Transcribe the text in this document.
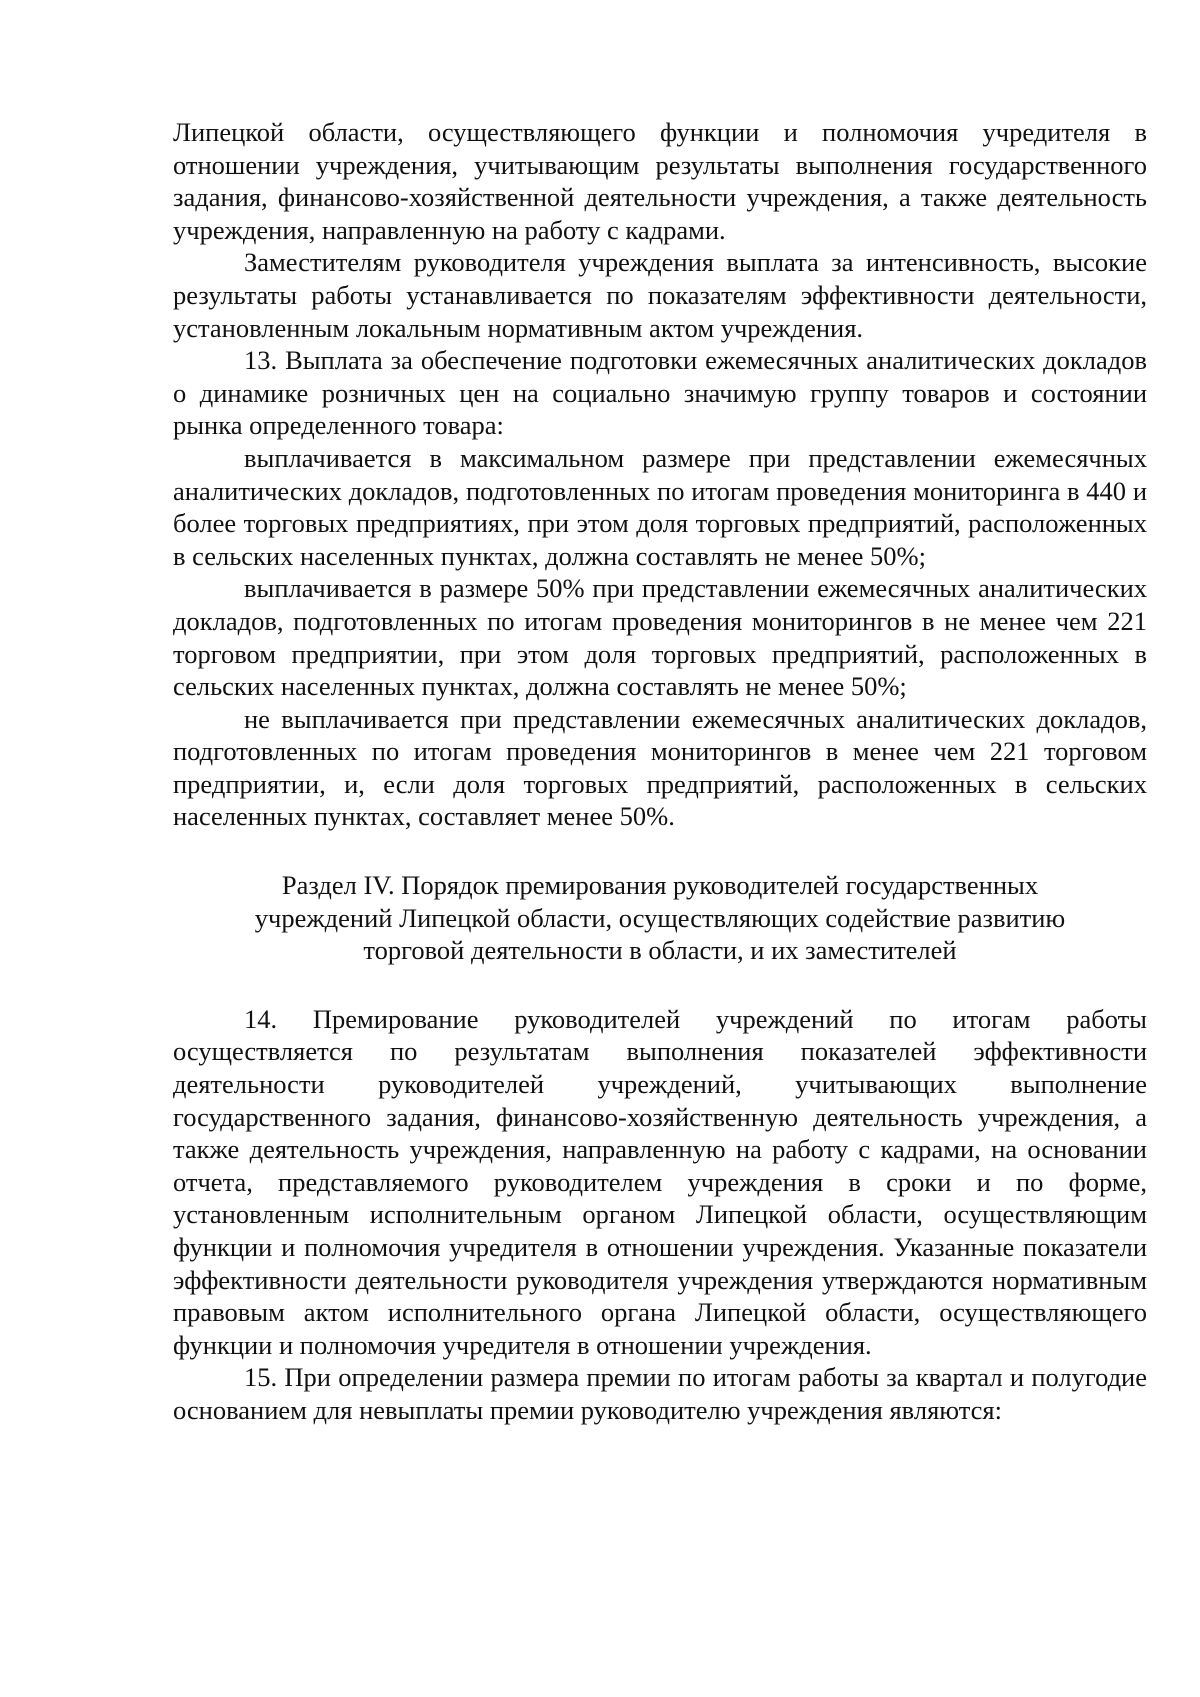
Липецкой области, осуществляющего функции и полномочия учредителя в отношении учреждения, учитывающим результаты выполнения государственного задания, финансово-хозяйственной деятельности учреждения, а также деятельность учреждения, направленную на работу с кадрами.

Заместителям руководителя учреждения выплата за интенсивность, высокие результаты работы устанавливается по показателям эффективности деятельности, установленным локальным нормативным актом учреждения.

13. Выплата за обеспечение подготовки ежемесячных аналитических докладов о динамике розничных цен на социально значимую группу товаров и состоянии рынка определенного товара:

выплачивается в максимальном размере при представлении ежемесячных аналитических докладов, подготовленных по итогам проведения мониторинга в 440 и более торговых предприятиях, при этом доля торговых предприятий, расположенных в сельских населенных пунктах, должна составлять не менее 50%;

выплачивается в размере 50% при представлении ежемесячных аналитических докладов, подготовленных по итогам проведения мониторингов в не менее чем 221 торговом предприятии, при этом доля торговых предприятий, расположенных в сельских населенных пунктах, должна составлять не менее 50%;

не выплачивается при представлении ежемесячных аналитических докладов, подготовленных по итогам проведения мониторингов в менее чем 221 торговом предприятии, и, если доля торговых предприятий, расположенных в сельских населенных пунктах, составляет менее 50%.

Раздел IV. Порядок премирования руководителей государственных
учреждений Липецкой области, осуществляющих содействие развитию
торговой деятельности в области, и их заместителей

14. Премирование руководителей учреждений по итогам работы осуществляется по результатам выполнения показателей эффективности деятельности руководителей учреждений, учитывающих выполнение государственного задания, финансово-хозяйственную деятельность учреждения, а также деятельность учреждения, направленную на работу с кадрами, на основании отчета, представляемого руководителем учреждения в сроки и по форме, установленным исполнительным органом Липецкой области, осуществляющим функции и полномочия учредителя в отношении учреждения. Указанные показатели эффективности деятельности руководителя учреждения утверждаются нормативным правовым актом исполнительного органа Липецкой области, осуществляющего функции и полномочия учредителя в отношении учреждения.

15. При определении размера премии по итогам работы за квартал и полугодие основанием для невыплаты премии руководителю учреждения являются:
